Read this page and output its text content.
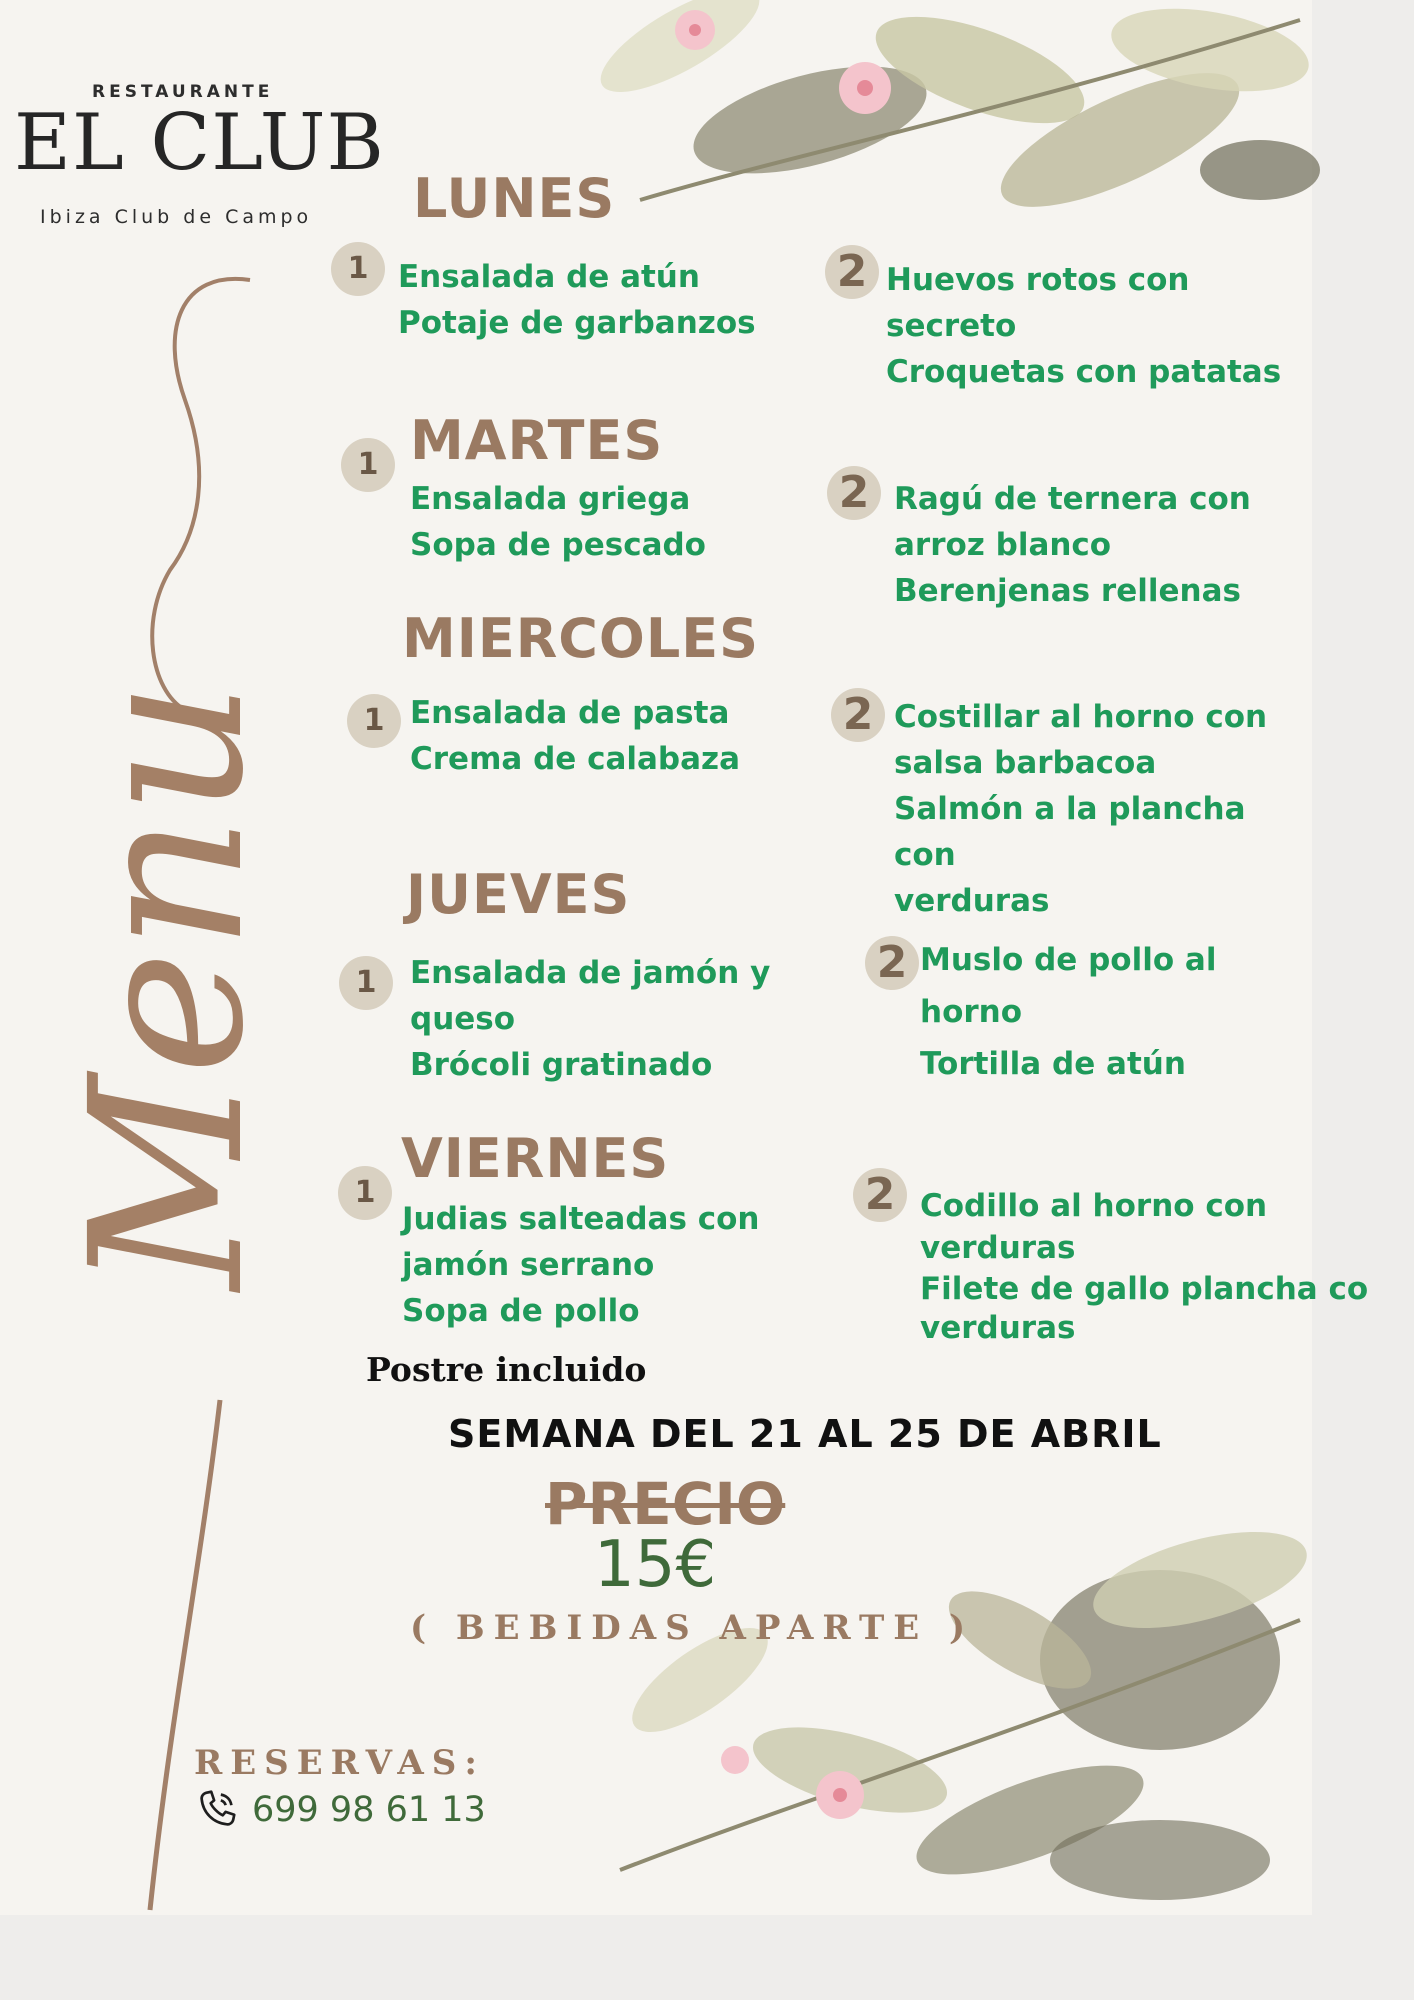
RESTAURANTE
EL CLUB
Ibiza Club de Campo
Menu
LUNES
1 Ensalada de atún
Potaje de garbanzos
2 Huevos rotos con secreto
Croquetas con patatas
MARTES
1
Ensalada griega
Sopa de pescado
2 Ragú de ternera con
arroz blanco
Berenjenas rellenas
MIERCOLES
1 Ensalada de pasta
Crema de calabaza
2 Costillar al horno con
salsa barbacoa
Salmón a la plancha con
verduras
JUEVES
1	Ensalada de jamón y
queso
Brócoli gratinado
2 Muslo de pollo al horno
Tortilla de atún
VIERNES
1
Judias salteadas con
jamón serrano
Sopa de pollo
2 Codillo al horno con
verduras
Filete de gallo plancha co
verduras
Postre incluido
SEMANA DEL 21 AL 25 DE ABRIL
PRECIO
15€
( BEBIDAS APARTE )
RESERVAS:
699 98 61 13
